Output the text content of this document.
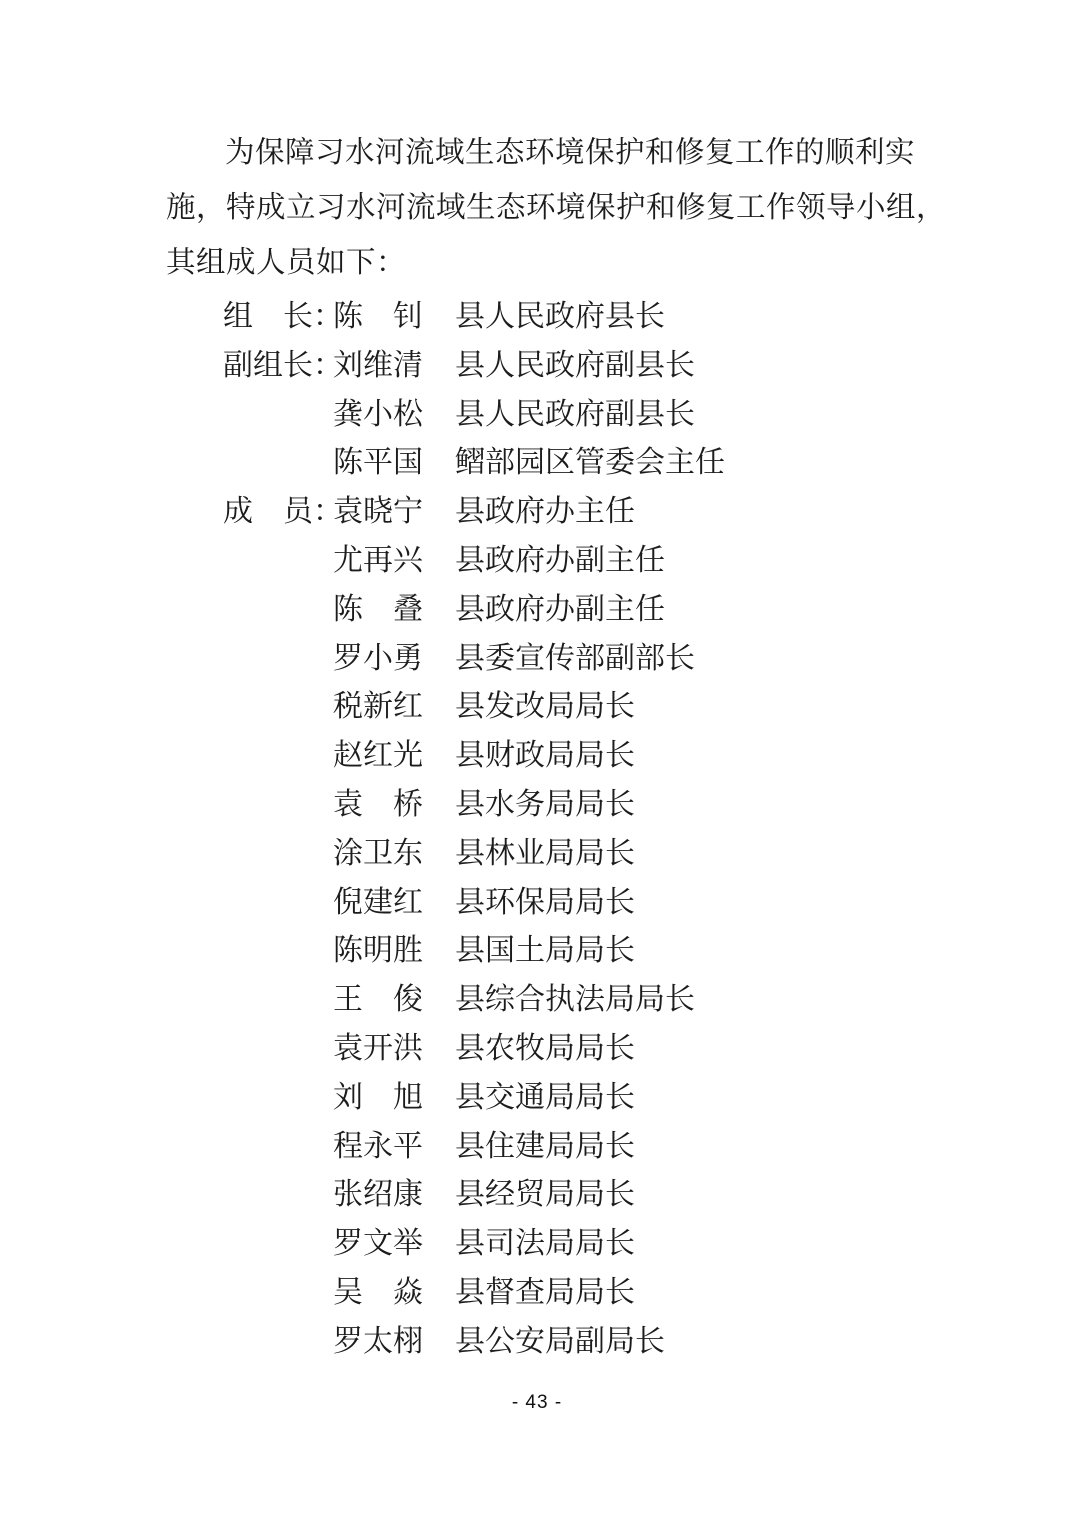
为保障习水河流域生态环境保护和修复工作的顺利实

施，特成立习水河流域生态环境保护和修复工作领导小组，

其组成人员如下：

组　长：
陈　钊 县人民政府县长
副组长：
刘维清 县人民政府副县长
龚小松 县人民政府副县长
陈平国 鳛部园区管委会主任
成　员：
袁晓宁 县政府办主任
尤再兴 县政府办副主任
陈　叠 县政府办副主任
罗小勇 县委宣传部副部长
税新红 县发改局局长
赵红光 县财政局局长
袁　桥 县水务局局长
涂卫东 县林业局局长
倪建红 县环保局局长
陈明胜 县国土局局长
王　俊 县综合执法局局长
袁开洪 县农牧局局长
刘　旭 县交通局局长
程永平 县住建局局长
张绍康 县经贸局局长
罗文举 县司法局局长
吴　焱 县督查局局长
罗太栩 县公安局副局长
- 43 -
